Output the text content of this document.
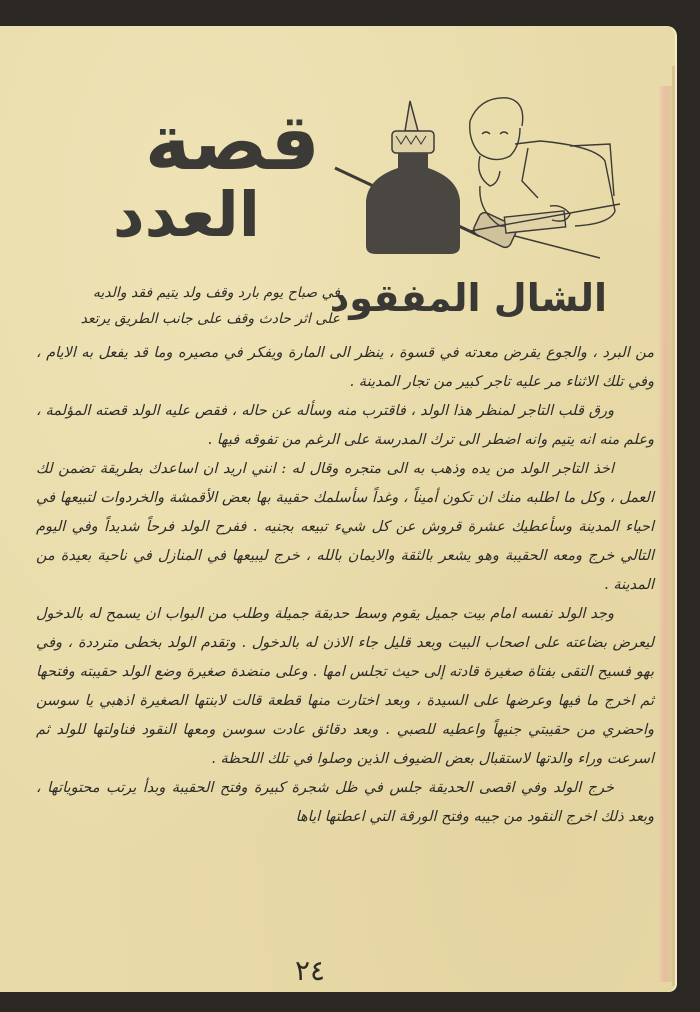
قصة
العدد
الشال المفقود
في صباح يوم بارد وقف ولد يتيم فقد والديه
على اثر حادث وقف على جانب الطريق يرتعد

من البرد ، والجوع يقرض معدته في قسوة ، ينظر الى المارة ويفكر في مصيره وما قد يفعل به الايام ، وفي تلك الاثناء مر عليه تاجر كبير من تجار المدينة .

ورق قلب التاجر لمنظر هذا الولد ، فاقترب منه وسأله عن حاله ، فقص عليه الولد قصته المؤلمة ، وعلم منه انه يتيم وانه اضطر الى ترك المدرسة على الرغم من تفوقه فيها .

اخذ التاجر الولد من يده وذهب به الى متجره وقال له : انني اريد ان اساعدك بطريقة تضمن لك العمل ، وكل ما اطلبه منك ان تكون أميناً ، وغداً سأسلمك حقيبة بها بعض الأقمشة والخردوات لتبيعها في احياء المدينة وسأعطيك عشرة قروش عن كل شيء تبيعه بجنيه . ففرح الولد فرحاً شديداً وفي اليوم التالي خرج ومعه الحقيبة وهو يشعر بالثقة والايمان بالله ، خرج ليبيعها في المنازل في ناحية بعيدة من المدينة .

وجد الولد نفسه امام بيت جميل يقوم وسط حديقة جميلة وطلب من البواب ان يسمح له بالدخول ليعرض بضاعته على اصحاب البيت وبعد قليل جاء الاذن له بالدخول . وتقدم الولد بخطى مترددة ، وفي بهو فسيح التقى بفتاة صغيرة قادته إلى حيث تجلس امها . وعلى منضدة صغيرة وضع الولد حقيبته وفتحها ثم اخرج ما فيها وعرضها على السيدة ، وبعد اختارت منها قطعة قالت لابنتها الصغيرة اذهبي يا سوسن واحضري من حقيبتي جنيهاً واعطيه للصبي . وبعد دقائق عادت سوسن ومعها النقود فناولتها للولد ثم اسرعت وراء والدتها لاستقبال بعض الضيوف الذين وصلوا في تلك اللحظة .

خرج الولد وفي اقصى الحديقة جلس في ظل شجرة كبيرة وفتح الحقيبة وبدأ يرتب محتوياتها ، وبعد ذلك اخرج النقود من جيبه وفتح الورقة التي اعطتها اياها

٢٤
